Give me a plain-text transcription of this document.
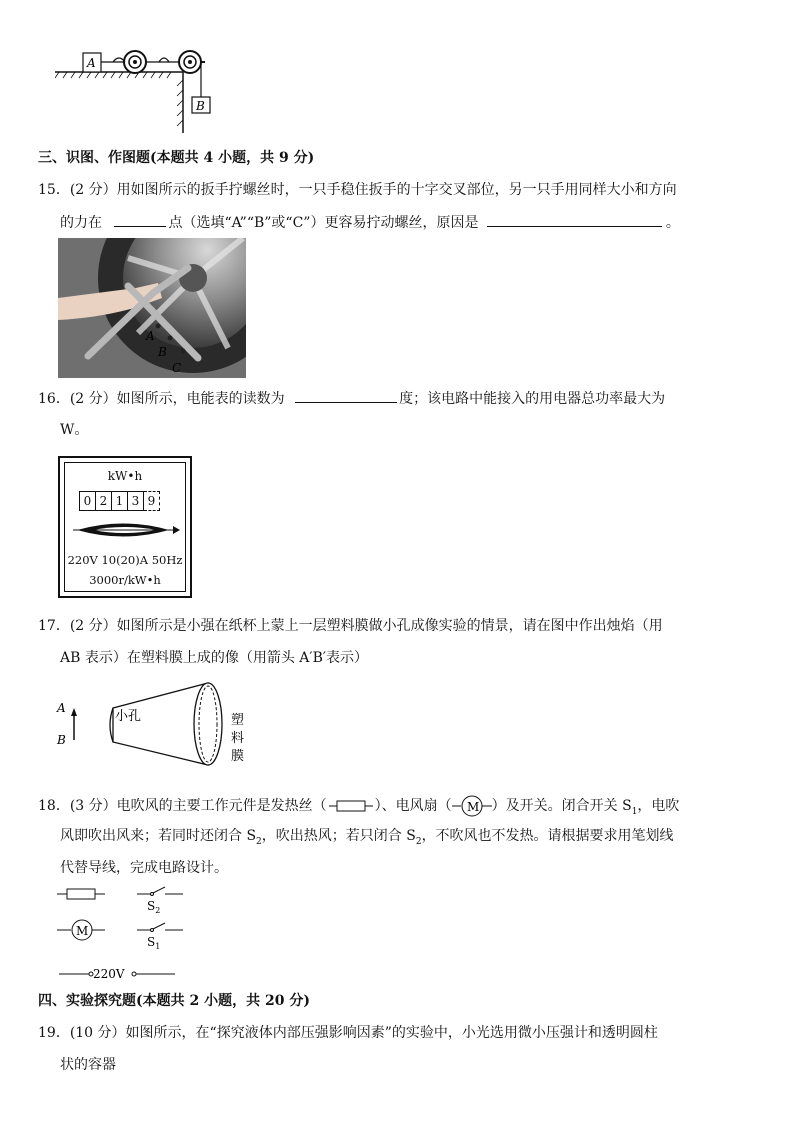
A
B
三、识图、作图题(本题共 4 小题，共 9 分)
15．(2 分）用如图所示的扳手拧螺丝时，一只手稳住扳手的十字交叉部位，另一只手用同样大小和方向
的力在	点（选填“A”“B”或“C”）更容易拧动螺丝，原因是	。
A
B
C
16．(2 分）如图所示，电能表的读数为	度；该电路中能接入的用电器总功率最大为
W。
kW•h
0 2 1 3 9
220V 10(20)A 50Hz
3000r/kW•h
17．(2 分）如图所示是小强在纸杯上蒙上一层塑料膜做小孔成像实验的情景，请在图中作出烛焰（用
AB 表示）在塑料膜上成的像（用箭头 A′B′表示）
A
B
小孔	塑
料
膜
18．(3 分）电吹风的主要工作元件是发热丝（	）、电风扇（ M ）及开关。闭合开关 $S_1$，电吹
风即吹出风来；若同时还闭合 $S_2$，吹出热风；若只闭合 $S_2$，不吹风也不发热。请根据要求用笔划线
代替导线，完成电路设计。
$S_2$
M
$S_1$
220V
四、实验探究题(本题共 2 小题，共 20 分)
19．(10 分）如图所示，在“探究液体内部压强影响因素”的实验中，小光选用微小压强计和透明圆柱
状的容器
